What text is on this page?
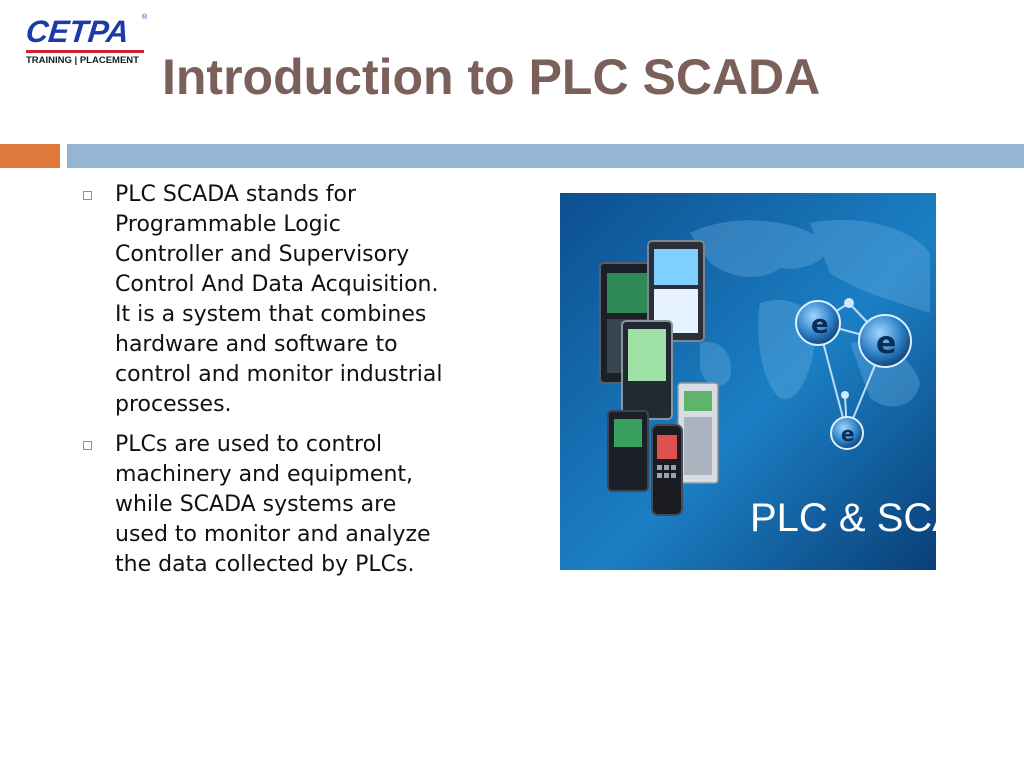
CETPA ®
TRAINING | PLACEMENT Introduction to PLC SCADA
PLC SCADA stands for
Programmable Logic
Controller and Supervisory
Control And Data Acquisition.
It is a system that combines
hardware and software to
control and monitor industrial
processes.
PLCs are used to control
machinery and equipment,
while SCADA systems are
used to monitor and analyze
the data collected by PLCs.
e
e
e
PLC & SCADA
